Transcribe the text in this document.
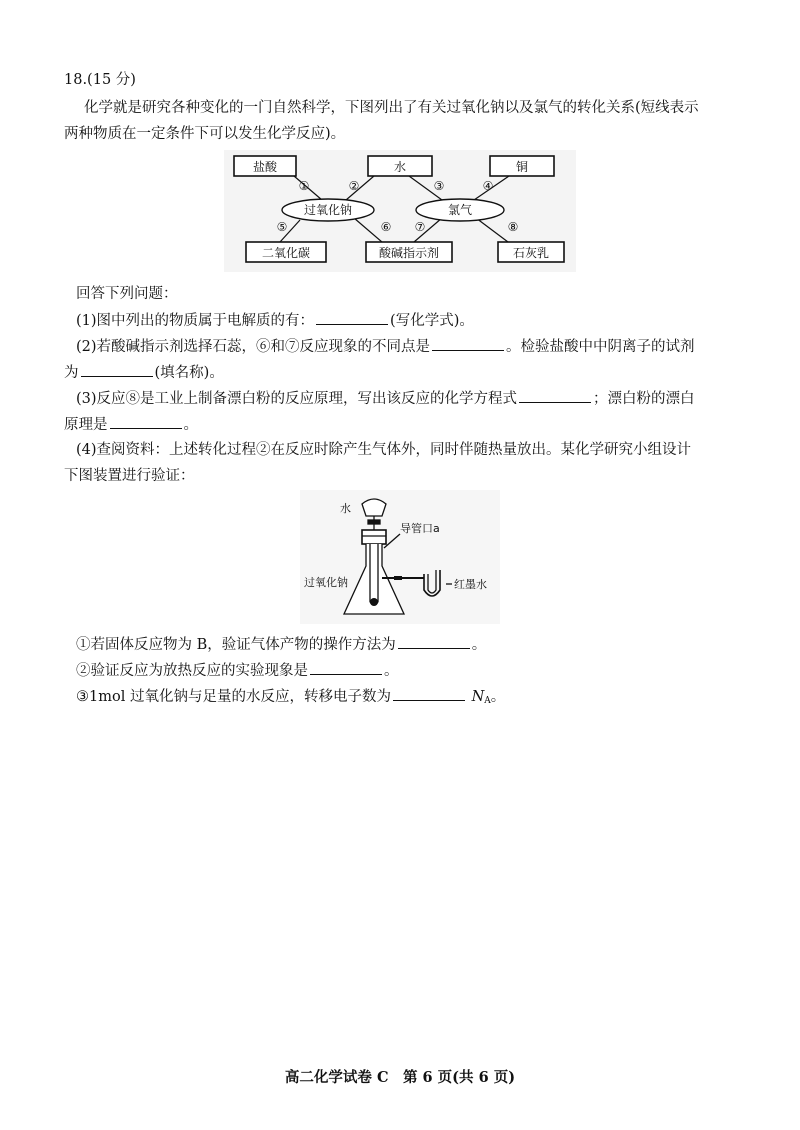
18.(15 分)
化学就是研究各种变化的一门自然科学，下图列出了有关过氧化钠以及氯气的转化关系(短线表示
两种物质在一定条件下可以发生化学反应)。
盐酸	水	铜
二氧化碳	酸碱指示剂	石灰乳
过氧化钠	氯气
①	②	③	④
⑤	⑥ ⑦	⑧
回答下列问题：
(1)图中列出的物质属于电解质的有：	(写化学式)。
(2)若酸碱指示剂选择石蕊，⑥和⑦反应现象的不同点是	。检验盐酸中中阴离子的试剂
为	(填名称)。
(3)反应⑧是工业上制备漂白粉的反应原理，写出该反应的化学方程式	；漂白粉的漂白
原理是	。
(4)查阅资料：上述转化过程②在反应时除产生气体外，同时伴随热量放出。某化学研究小组设计
下图装置进行验证：
水
导管口a
过氧化钠	红墨水
①若固体反应物为 B，验证气体产物的操作方法为	。
②验证反应为放热反应的实验现象是	。
③1mol 过氧化钠与足量的水反应，转移电子数为	$N_A$。
高二化学试卷 C　第 6 页(共 6 页)
